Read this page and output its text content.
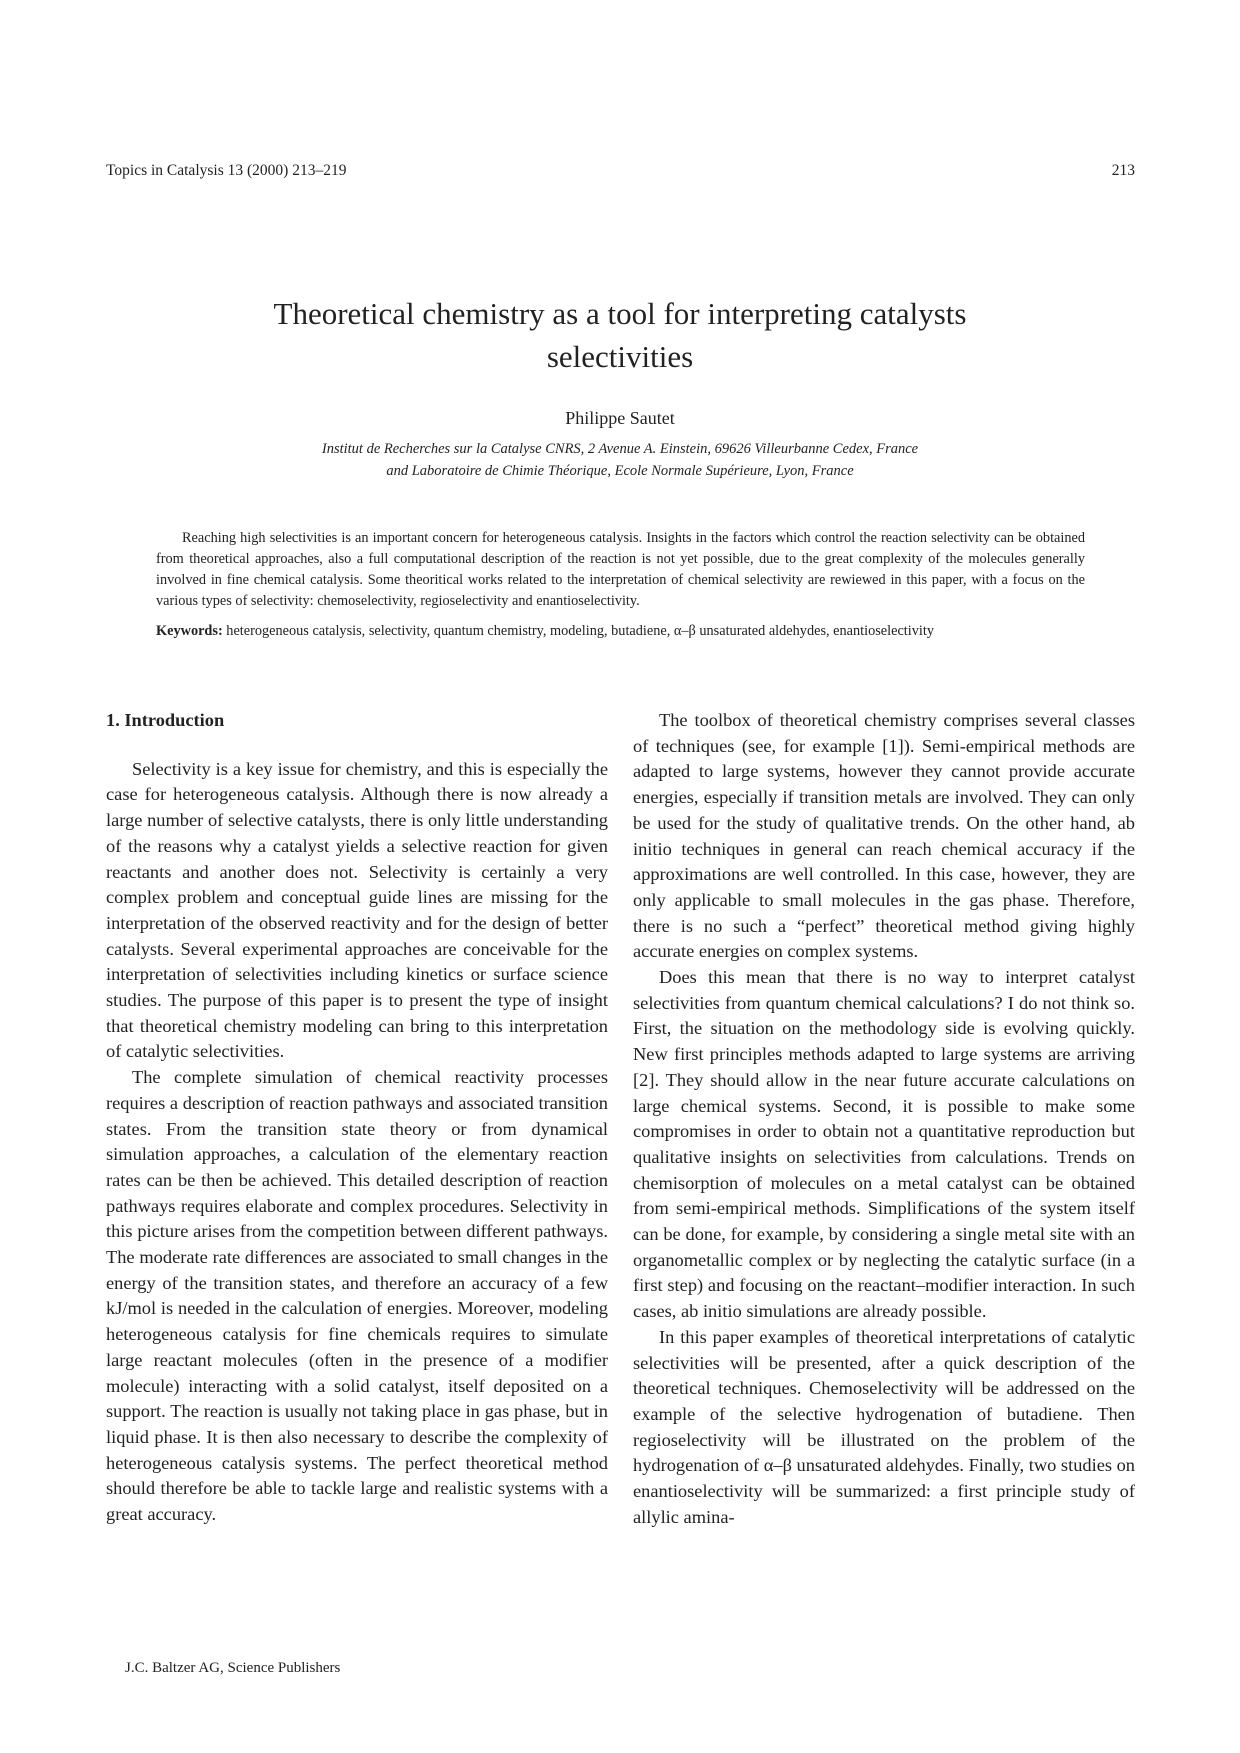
Topics in Catalysis 13 (2000) 213–219	213
Theoretical chemistry as a tool for interpreting catalysts
selectivities
Philippe Sautet
Institut de Recherches sur la Catalyse CNRS, 2 Avenue A. Einstein, 69626 Villeurbanne Cedex, France
and Laboratoire de Chimie Théorique, Ecole Normale Supérieure, Lyon, France

Reaching high selectivities is an important concern for heterogeneous catalysis. Insights in the factors which control the reaction selectivity can be obtained from theoretical approaches, also a full computational description of the reaction is not yet possible, due to the great complexity of the molecules generally involved in fine chemical catalysis. Some theoritical works related to the interpretation of chemical selectivity are rewiewed in this paper, with a focus on the various types of selectivity: chemoselectivity, regioselectivity and enantioselectivity.

Keywords: heterogeneous catalysis, selectivity, quantum chemistry, modeling, butadiene, α–β unsaturated aldehydes, enantioselectivity

1. Introduction

Selectivity is a key issue for chemistry, and this is especially the case for heterogeneous catalysis. Although there is now already a large number of selective catalysts, there is only little understanding of the reasons why a catalyst yields a selective reaction for given reactants and another does not. Selectivity is certainly a very complex problem and conceptual guide lines are missing for the interpretation of the observed reactivity and for the design of better catalysts. Several experimental approaches are conceivable for the interpretation of selectivities including kinetics or surface science studies. The purpose of this paper is to present the type of insight that theoretical chemistry modeling can bring to this interpretation of catalytic selectivities.

The complete simulation of chemical reactivity processes requires a description of reaction pathways and associated transition states. From the transition state theory or from dynamical simulation approaches, a calculation of the elementary reaction rates can be then be achieved. This detailed description of reaction pathways requires elaborate and complex procedures. Selectivity in this picture arises from the competition between different pathways. The moderate rate differences are associated to small changes in the energy of the transition states, and therefore an accuracy of a few kJ/mol is needed in the calculation of energies. Moreover, modeling heterogeneous catalysis for fine chemicals requires to simulate large reactant molecules (often in the presence of a modifier molecule) interacting with a solid catalyst, itself deposited on a support. The reaction is usually not taking place in gas phase, but in liquid phase. It is then also necessary to describe the complexity of heterogeneous catalysis systems. The perfect theoretical method should therefore be able to tackle large and realistic systems with a great accuracy.

The toolbox of theoretical chemistry comprises several classes of techniques (see, for example [1]). Semi-empirical methods are adapted to large systems, however they cannot provide accurate energies, especially if transition metals are involved. They can only be used for the study of qualitative trends. On the other hand, ab initio techniques in general can reach chemical accuracy if the approximations are well controlled. In this case, however, they are only applicable to small molecules in the gas phase. Therefore, there is no such a “perfect” theoretical method giving highly accurate energies on complex systems.

Does this mean that there is no way to interpret catalyst selectivities from quantum chemical calculations? I do not think so. First, the situation on the methodology side is evolving quickly. New first principles methods adapted to large systems are arriving [2]. They should allow in the near future accurate calculations on large chemical systems. Second, it is possible to make some compromises in order to obtain not a quantitative reproduction but qualitative insights on selectivities from calculations. Trends on chemisorption of molecules on a metal catalyst can be obtained from semi-empirical methods. Simplifications of the system itself can be done, for example, by considering a single metal site with an organometallic complex or by neglecting the catalytic surface (in a first step) and focusing on the reactant–modifier interaction. In such cases, ab initio simulations are already possible.

In this paper examples of theoretical interpretations of catalytic selectivities will be presented, after a quick description of the theoretical techniques. Chemoselectivity will be addressed on the example of the selective hydrogenation of butadiene. Then regioselectivity will be illustrated on the problem of the hydrogenation of α–β unsaturated aldehydes. Finally, two studies on enantioselectivity will be summarized: a first principle study of allylic amina-

J.C. Baltzer AG, Science Publishers
